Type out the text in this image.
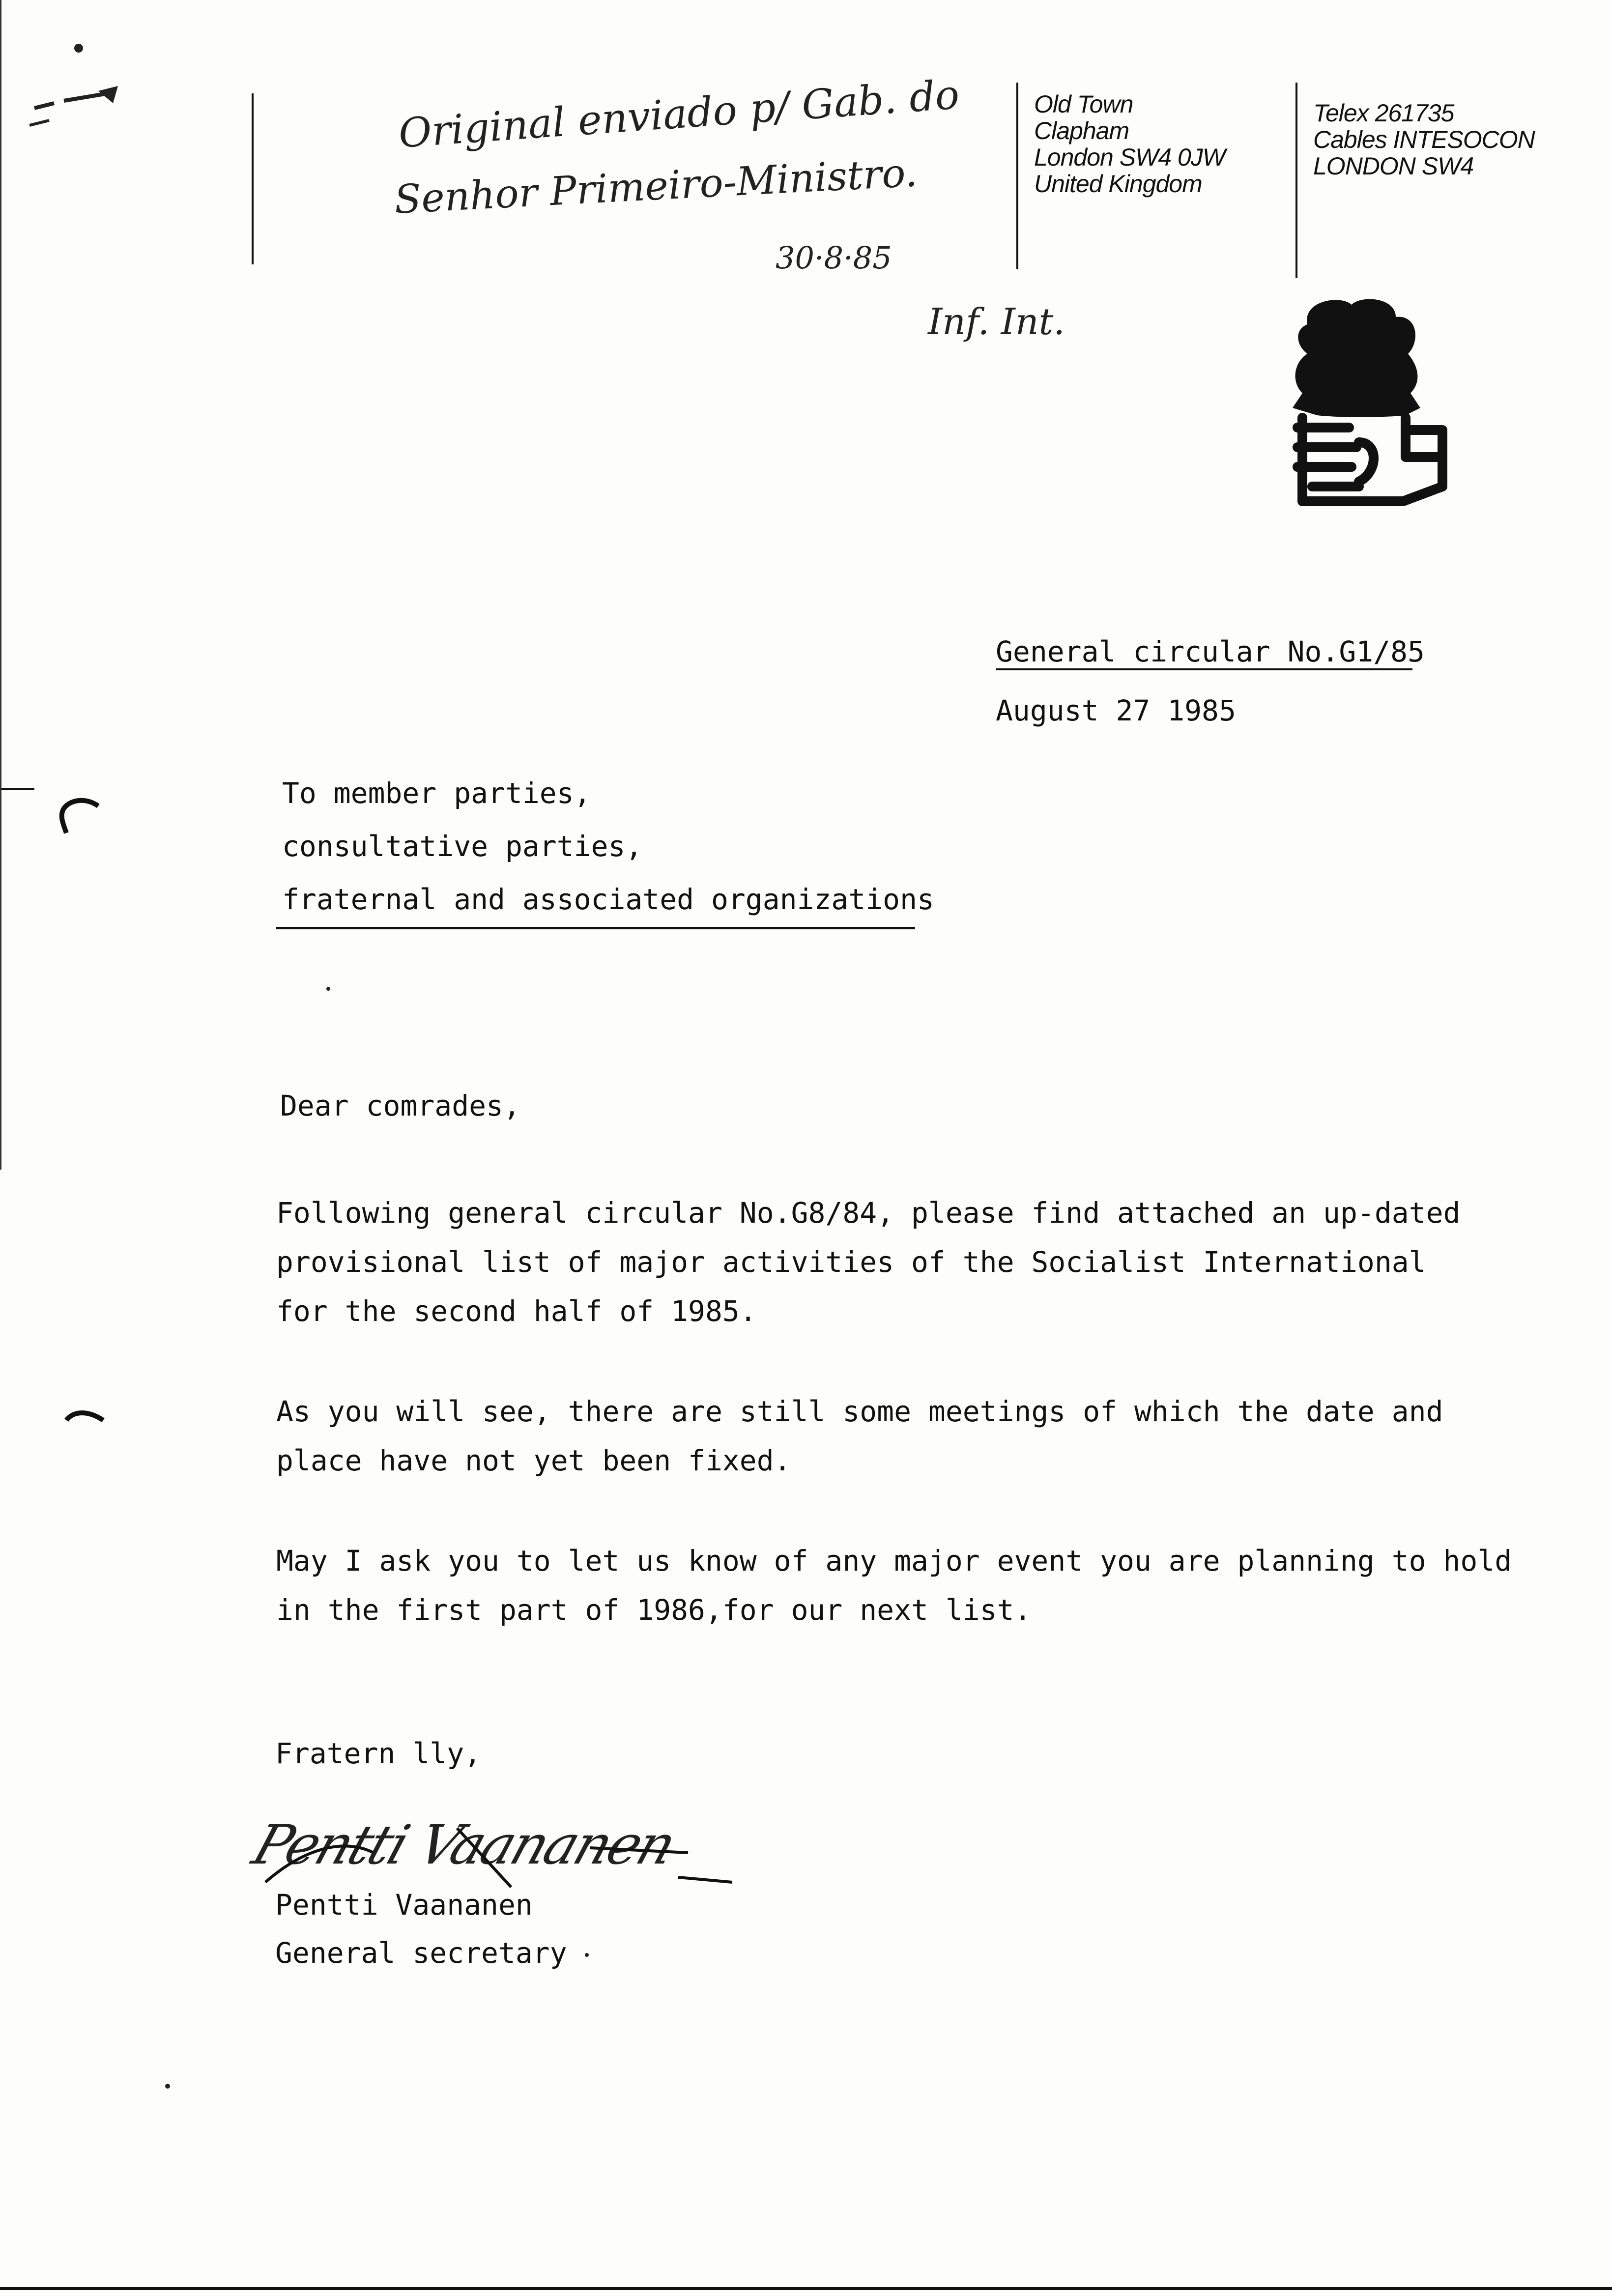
Original enviado p/ Gab. do
Senhor Primeiro-Ministro.
30·8·85
Inf. Int.
Old Town
Clapham
London SW4 0JW
United Kingdom
Telex 261735
Cables INTESOCON
LONDON SW4
General circular No.G1/85
August 27 1985
To member parties,
consultative parties,
fraternal and associated organizations
Dear comrades,
Following general circular No.G8/84, please find attached an up-dated
provisional list of major activities of the Socialist International
for the second half of 1985.
As you will see, there are still some meetings of which the date and
place have not yet been fixed.
May I ask you to let us know of any major event you are planning to hold
in the first part of 1986,for our next list.
Fratern lly,
Pentti Vaananen
Pentti Vaananen
General secretary
